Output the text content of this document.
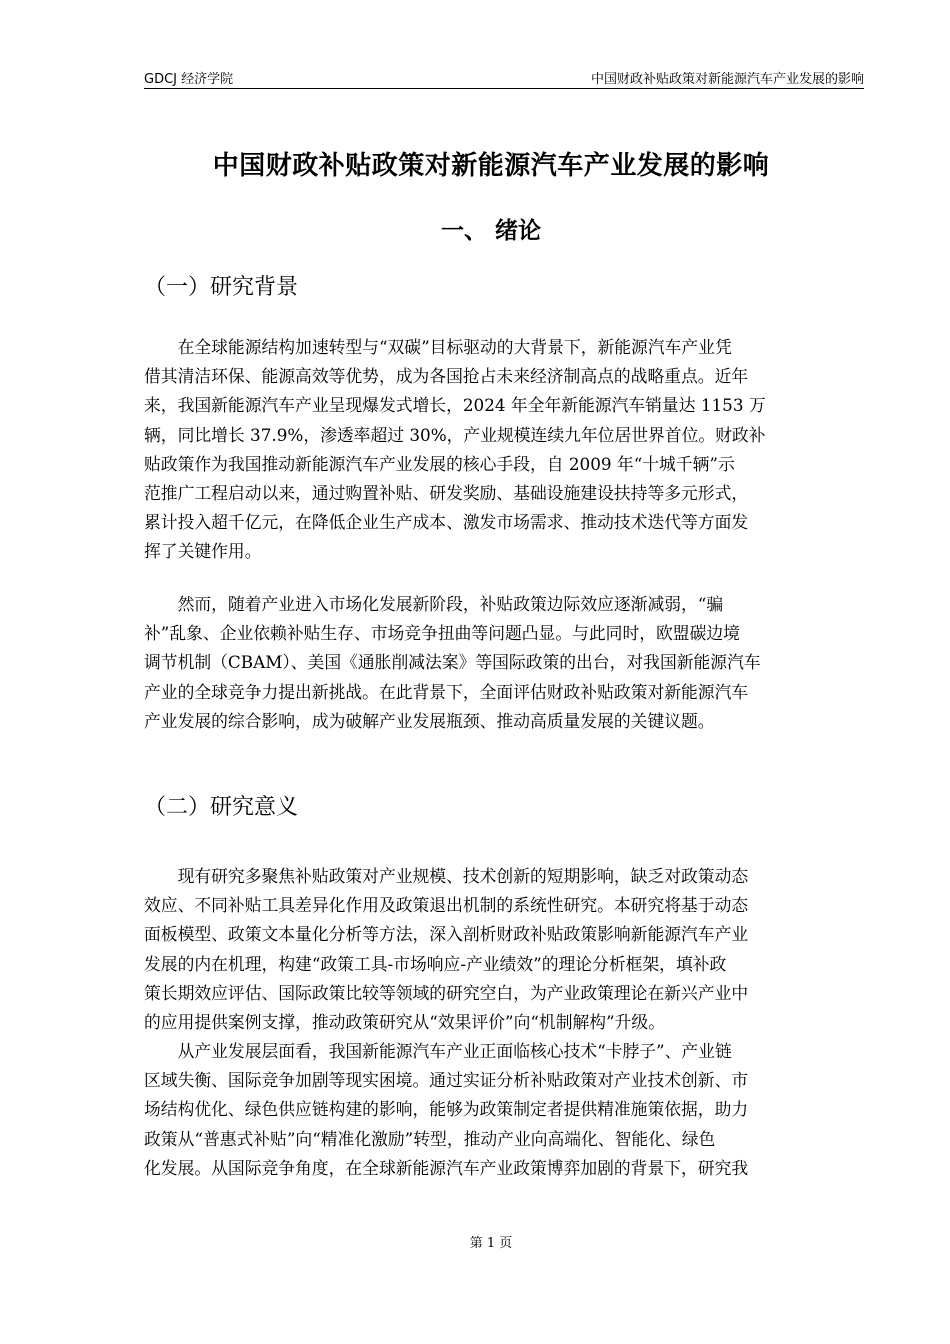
GDCJ 经济学院	中国财政补贴政策对新能源汽车产业发展的影响
中国财政补贴政策对新能源汽车产业发展的影响
一、 绪论
（一）研究背景
　　在全球能源结构加速转型与“双碳”目标驱动的大背景下，新能源汽车产业凭
借其清洁环保、能源高效等优势，成为各国抢占未来经济制高点的战略重点。近年
来，我国新能源汽车产业呈现爆发式增长，2024 年全年新能源汽车销量达 1153 万
辆，同比增长 37.9%，渗透率超过 30%，产业规模连续九年位居世界首位。财政补
贴政策作为我国推动新能源汽车产业发展的核心手段，自 2009 年“十城千辆”示
范推广工程启动以来，通过购置补贴、研发奖励、基础设施建设扶持等多元形式，
累计投入超千亿元，在降低企业生产成本、激发市场需求、推动技术迭代等方面发
挥了关键作用。
　　然而，随着产业进入市场化发展新阶段，补贴政策边际效应逐渐减弱，“骗
补”乱象、企业依赖补贴生存、市场竞争扭曲等问题凸显。与此同时，欧盟碳边境
调节机制（CBAM）、美国《通胀削减法案》等国际政策的出台，对我国新能源汽车
产业的全球竞争力提出新挑战。在此背景下，全面评估财政补贴政策对新能源汽车
产业发展的综合影响，成为破解产业发展瓶颈、推动高质量发展的关键议题。
（二）研究意义
　　现有研究多聚焦补贴政策对产业规模、技术创新的短期影响，缺乏对政策动态
效应、不同补贴工具差异化作用及政策退出机制的系统性研究。本研究将基于动态
面板模型、政策文本量化分析等方法，深入剖析财政补贴政策影响新能源汽车产业
发展的内在机理，构建“政策工具-市场响应-产业绩效”的理论分析框架，填补政
策长期效应评估、国际政策比较等领域的研究空白，为产业政策理论在新兴产业中
的应用提供案例支撑，推动政策研究从“效果评价”向“机制解构”升级。
　　从产业发展层面看，我国新能源汽车产业正面临核心技术“卡脖子”、产业链
区域失衡、国际竞争加剧等现实困境。通过实证分析补贴政策对产业技术创新、市
场结构优化、绿色供应链构建的影响，能够为政策制定者提供精准施策依据，助力
政策从“普惠式补贴”向“精准化激励”转型，推动产业向高端化、智能化、绿色
化发展。从国际竞争角度，在全球新能源汽车产业政策博弈加剧的背景下，研究我
第 1 页
